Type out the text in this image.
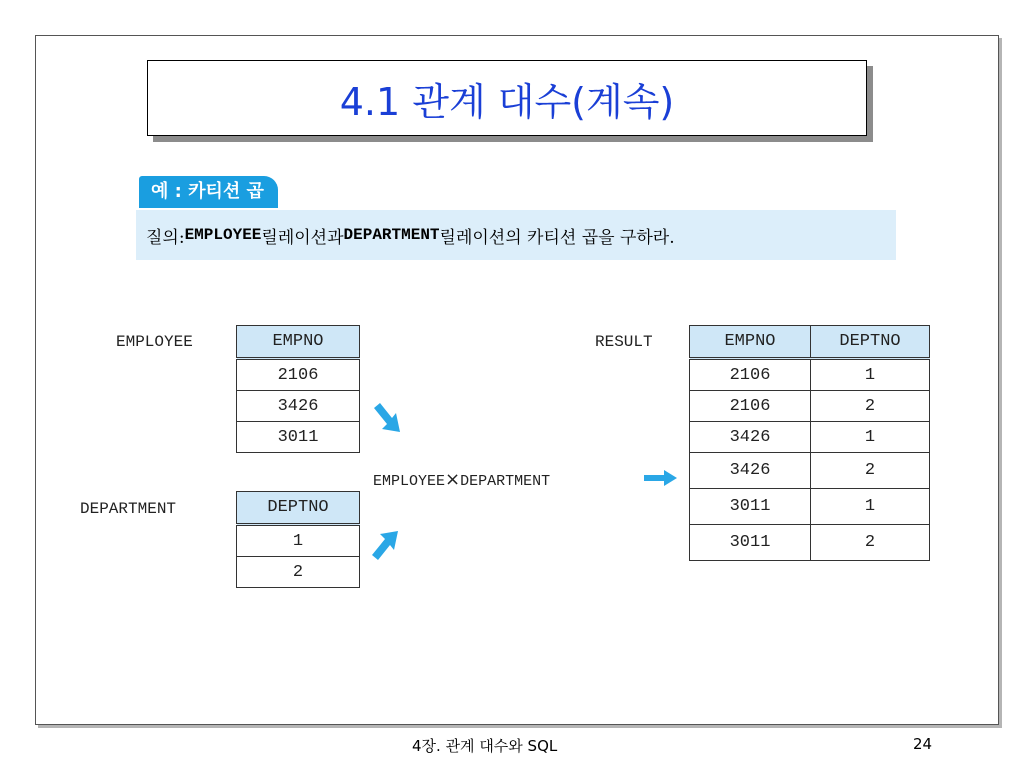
4.1 관계 대수(계속)
예 : 카티션 곱
질의: EMPLOYEE 릴레이션과 DEPARTMENT 릴레이션의 카티션 곱을 구하라.
EMPLOYEE	EMPNO
2106
3426
3011
DEPARTMENT	DEPTNO
1
2
EMPLOYEE×DEPARTMENT
RESULT	EMPNO	DEPTNO
2106	1
2106	2
3426	1
3426	2
3011	1
3011	2
4장. 관계 대수와 SQL	24
